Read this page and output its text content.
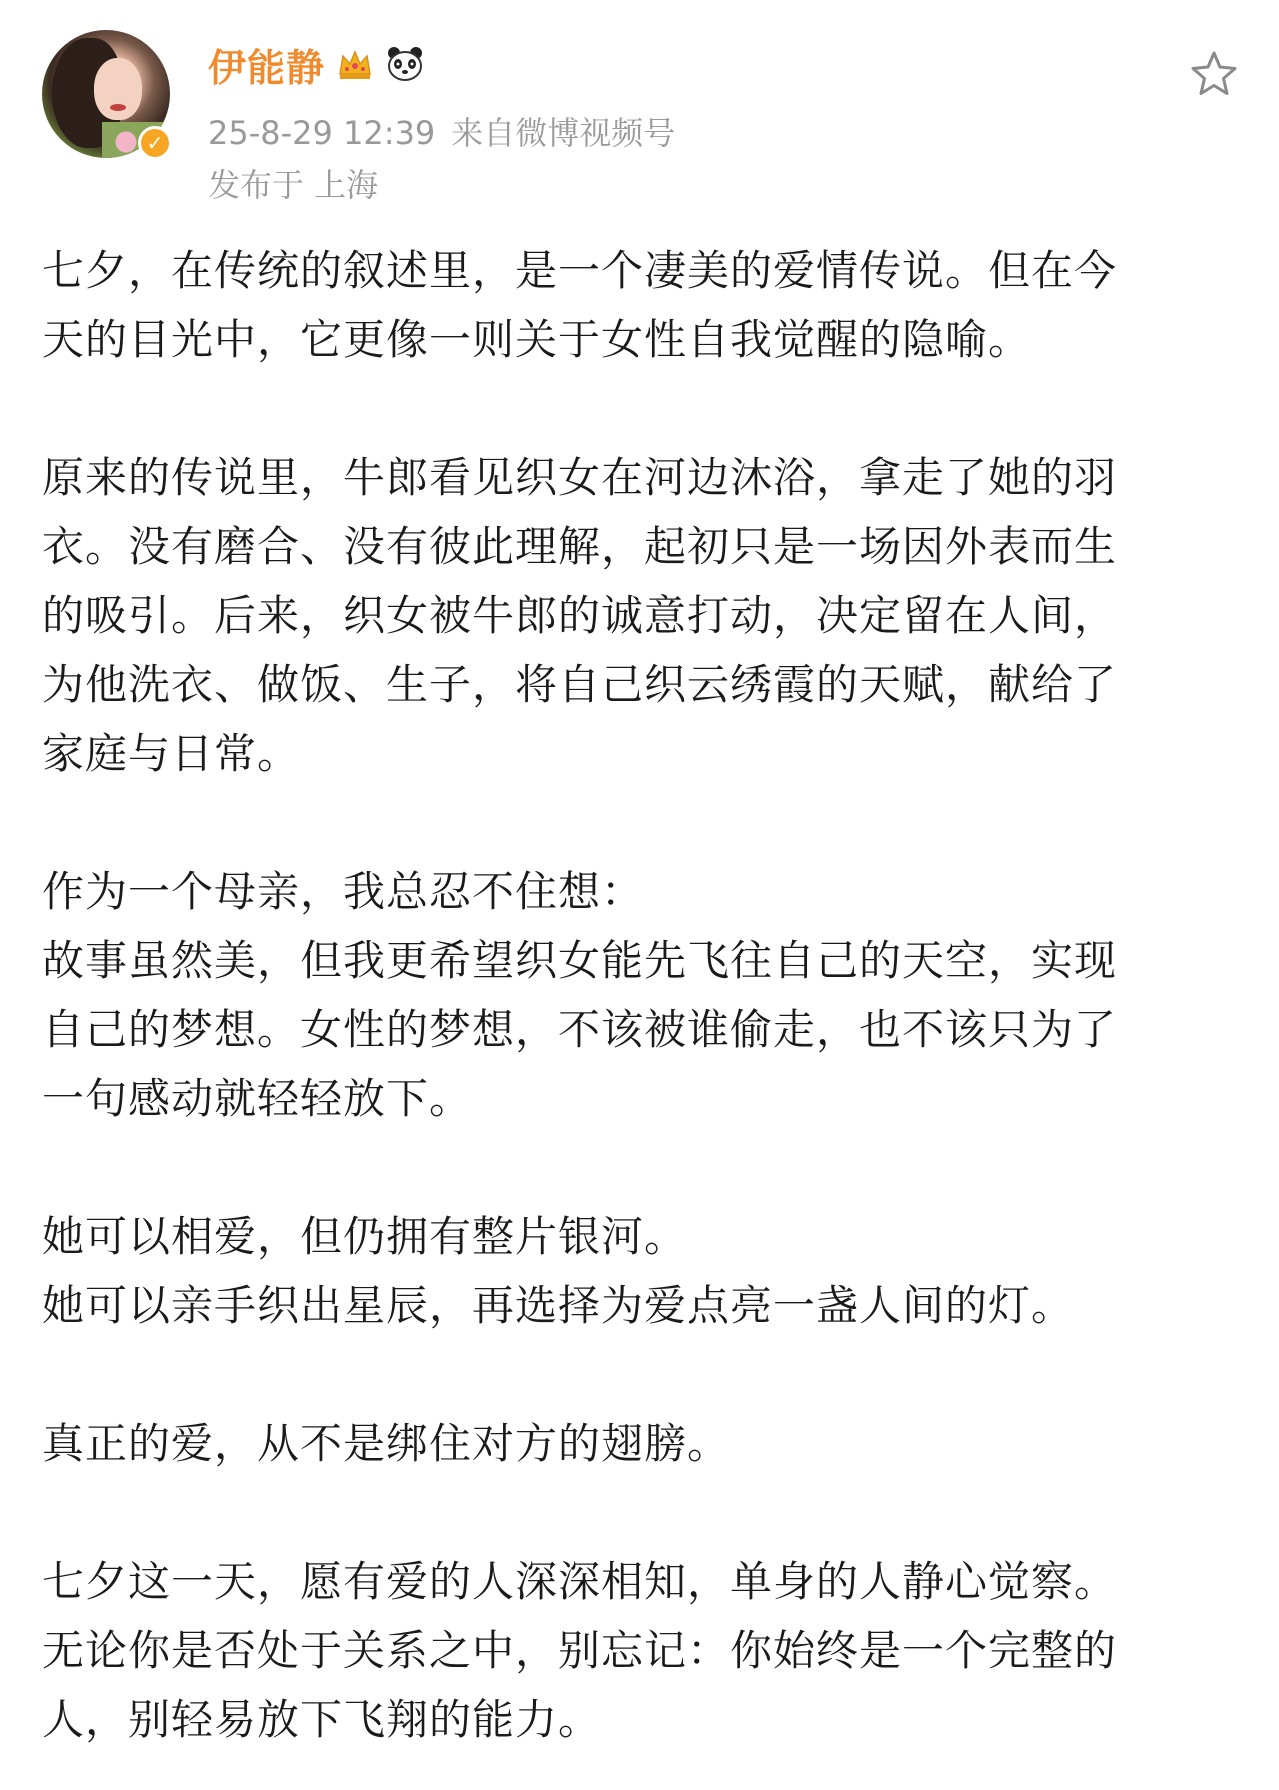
✓
伊能静
25-8-29 12:39 来自微博视频号
发布于 上海
七夕，在传统的叙述里，是一个凄美的爱情传说。但在今
天的目光中，它更像一则关于女性自我觉醒的隐喻。
原来的传说里，牛郎看见织女在河边沐浴，拿走了她的羽
衣。没有磨合、没有彼此理解，起初只是一场因外表而生
的吸引。后来，织女被牛郎的诚意打动，决定留在人间，
为他洗衣、做饭、生子，将自己织云绣霞的天赋，献给了
家庭与日常。
作为一个母亲，我总忍不住想：
故事虽然美，但我更希望织女能先飞往自己的天空，实现
自己的梦想。女性的梦想，不该被谁偷走，也不该只为了
一句感动就轻轻放下。
她可以相爱，但仍拥有整片银河。
她可以亲手织出星辰，再选择为爱点亮一盏人间的灯。
真正的爱，从不是绑住对方的翅膀。
七夕这一天，愿有爱的人深深相知，单身的人静心觉察。
无论你是否处于关系之中，别忘记：你始终是一个完整的
人，别轻易放下飞翔的能力。
